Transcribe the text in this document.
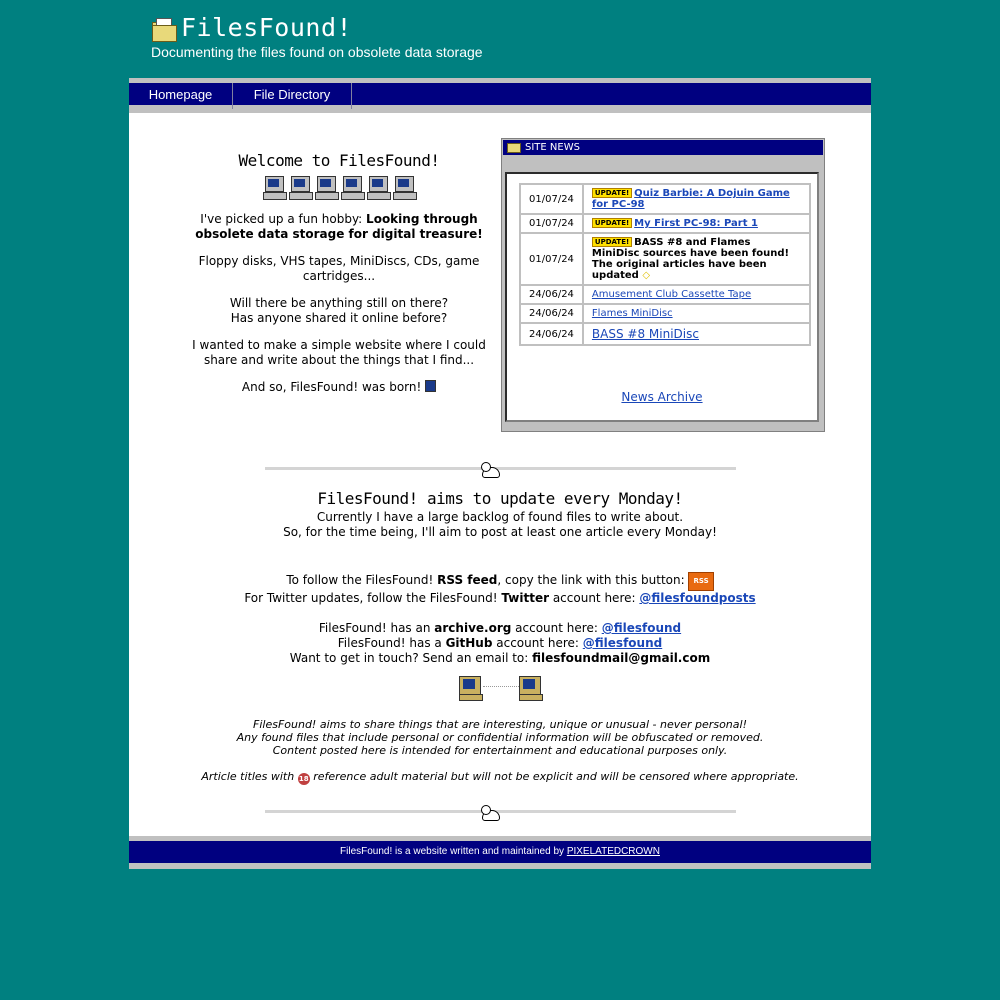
FilesFound!
Documenting the files found on obsolete data storage
Homepage	File Directory
Welcome to FilesFound!

I've picked up a fun hobby: Looking through obsolete data storage for digital treasure!

Floppy disks, VHS tapes, MiniDiscs, CDs, game cartridges...

Will there be anything still on there?
Has anyone shared it online before?

I wanted to make a simple website where I could share and write about the things that I find...

And so, FilesFound! was born!

SITE NEWS
01/07/24	UPDATE! Quiz Barbie: A Dojuin Game for PC-98
01/07/24	UPDATE! My First PC-98: Part 1
01/07/24	UPDATE! BASS #8 and Flames MiniDisc sources have been found! The original articles have been updated ◇
24/06/24	Amusement Club Cassette Tape
24/06/24	Flames MiniDisc
24/06/24	BASS #8 MiniDisc
News Archive
FilesFound! aims to update every Monday!

Currently I have a large backlog of found files to write about.

So, for the time being, I'll aim to post at least one article every Monday!

To follow the FilesFound! RSS feed, copy the link with this button: RSS

For Twitter updates, follow the FilesFound! Twitter account here: @filesfoundposts

FilesFound! has an archive.org account here: @filesfound

FilesFound! has a GitHub account here: @filesfound

Want to get in touch? Send an email to: filesfoundmail@gmail.com

FilesFound! aims to share things that are interesting, unique or unusual - never personal!

Any found files that include personal or confidential information will be obfuscated or removed.

Content posted here is intended for entertainment and educational purposes only.

Article titles with 18 reference adult material but will not be explicit and will be censored where appropriate.

FilesFound! is a website written and maintained by PIXELATEDCROWN
